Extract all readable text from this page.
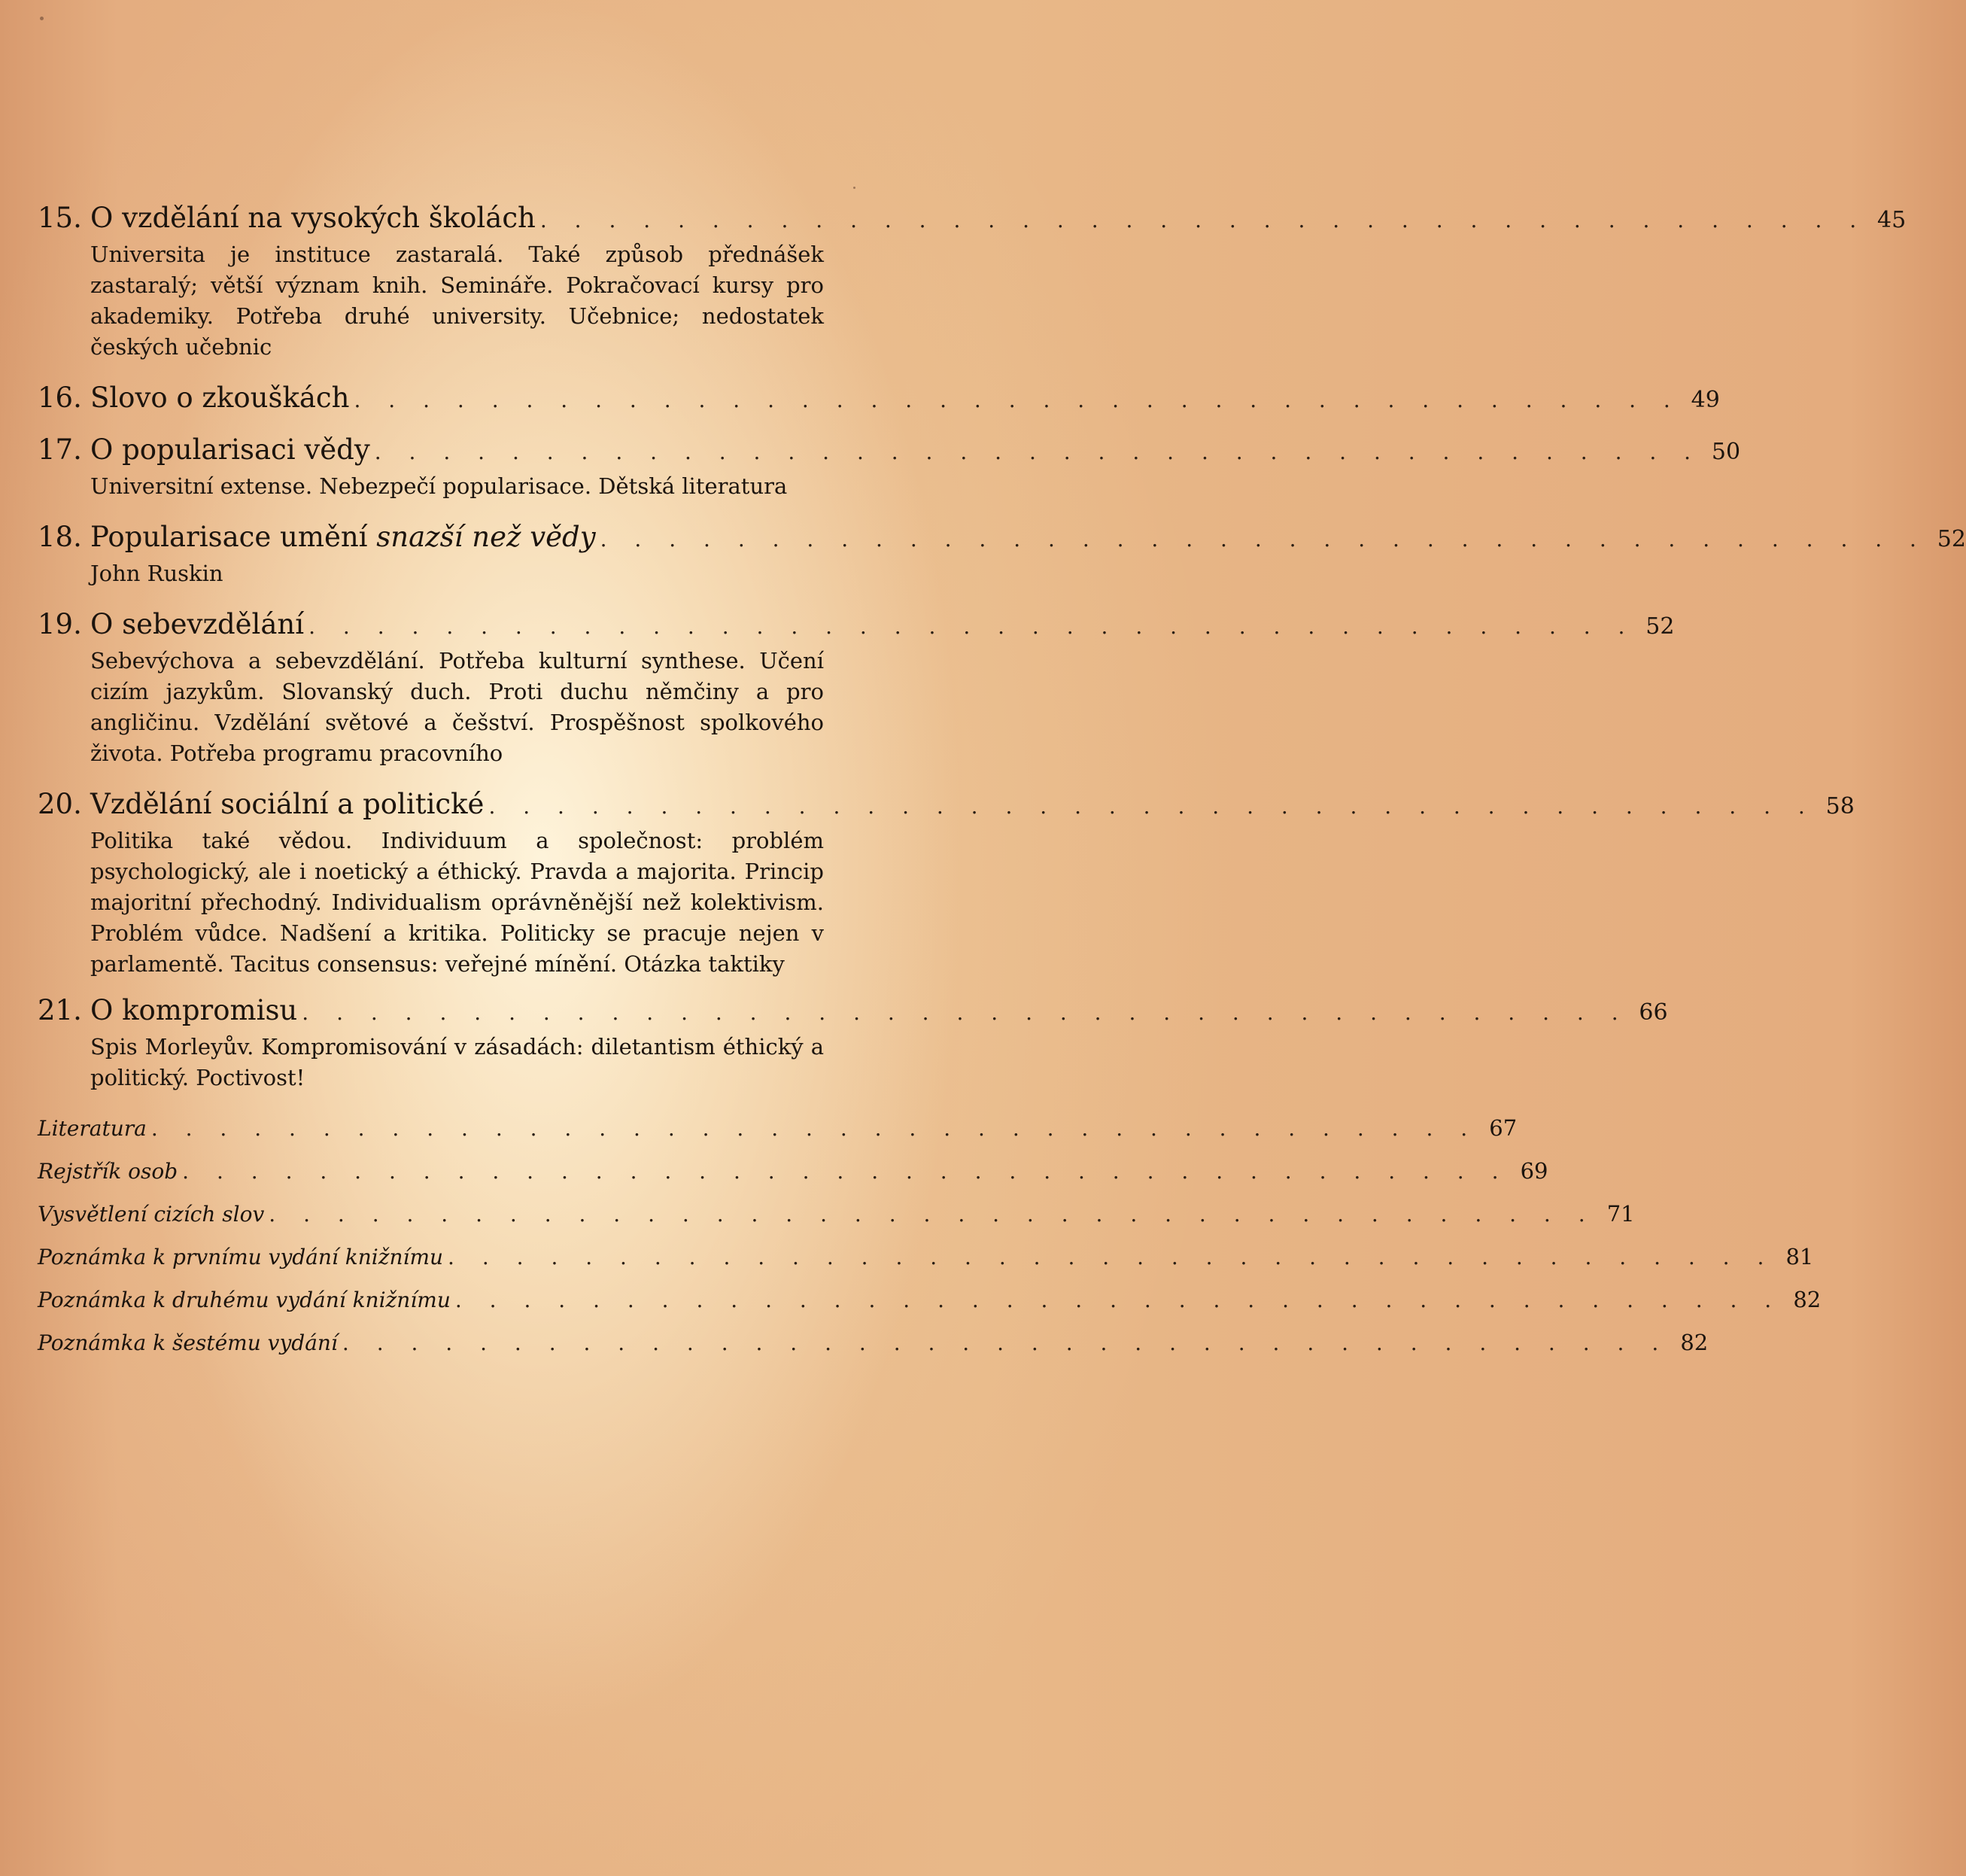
15. O vzdělání na vysokých školách . . . . . . . . . . . . . . . . . . . . . . . . . . . . . . . . . . . . . . . 45
Universita je instituce zastaralá. Také způsob přednášek zastaralý; větší význam knih. Semináře. Pokračovací kursy pro akademiky. Potřeba druhé university. Učebnice; nedostatek českých učebnic
16. Slovo o zkouškách . . . . . . . . . . . . . . . . . . . . . . . . . . . . . . . . . . . . . . . 49
17. O popularisaci vědy . . . . . . . . . . . . . . . . . . . . . . . . . . . . . . . . . . . . . . . 50
Universitní extense. Nebezpečí popularisace. Dětská literatura
18. Popularisace umění snazší než vědy . . . . . . . . . . . . . . . . . . . . . . . . . . . . . . . . . . . . . . . 52
John Ruskin
19. O sebevzdělání . . . . . . . . . . . . . . . . . . . . . . . . . . . . . . . . . . . . . . . 52
Sebevýchova a sebevzdělání. Potřeba kulturní synthese. Učení cizím jazykům. Slovanský duch. Proti duchu němčiny a pro angličinu. Vzdělání světové a češství. Prospěšnost spolkového života. Potřeba programu pracovního
20. Vzdělání sociální a politické . . . . . . . . . . . . . . . . . . . . . . . . . . . . . . . . . . . . . . . 58
Politika také vědou. Individuum a společnost: problém psychologický, ale i noetický a éthický. Pravda a majorita. Princip majoritní přechodný. Individualism oprávněnější než kolektivism. Problém vůdce. Nadšení a kritika. Politicky se pracuje nejen v parlamentě. Tacitus consensus: veřejné mínění. Otázka taktiky
21. O kompromisu . . . . . . . . . . . . . . . . . . . . . . . . . . . . . . . . . . . . . . . 66
Spis Morleyův. Kompromisování v zásadách: diletantism éthický a politický. Poctivost!
Literatura . . . . . . . . . . . . . . . . . . . . . . . . . . . . . . . . . . . . . . . 67
Rejstřík osob . . . . . . . . . . . . . . . . . . . . . . . . . . . . . . . . . . . . . . . 69
Vysvětlení cizích slov . . . . . . . . . . . . . . . . . . . . . . . . . . . . . . . . . . . . . . . 71
Poznámka k prvnímu vydání knižnímu . . . . . . . . . . . . . . . . . . . . . . . . . . . . . . . . . . . . . . . 81
Poznámka k druhému vydání knižnímu . . . . . . . . . . . . . . . . . . . . . . . . . . . . . . . . . . . . . . . 82
Poznámka k šestému vydání . . . . . . . . . . . . . . . . . . . . . . . . . . . . . . . . . . . . . . . 82
